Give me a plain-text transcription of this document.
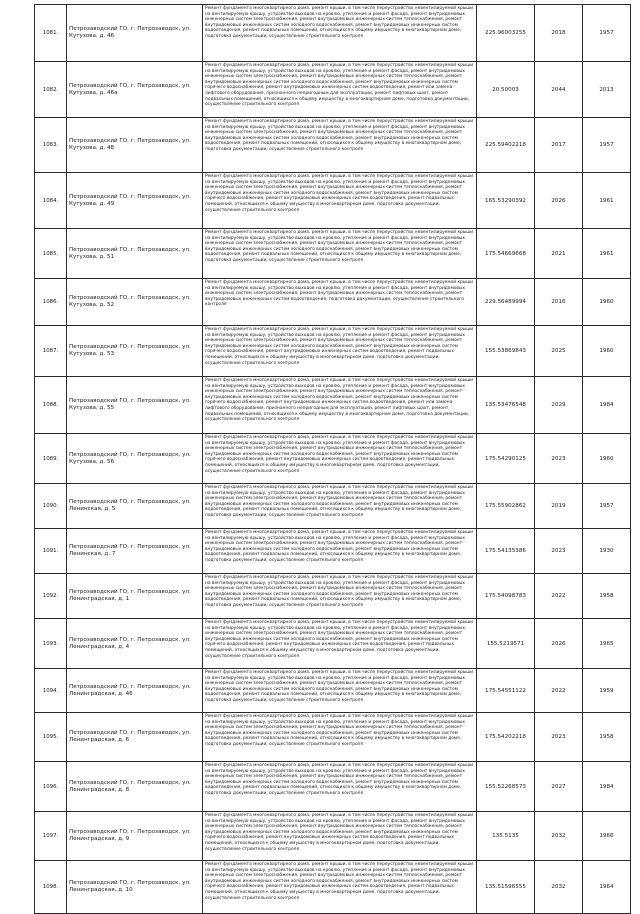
1081.	Петрозаводский ГО, г. Петрозаводск, ул. Кутузова, д. 46	Ремонт фундамента многоквартирного дома, ремонт крыши, в том числе переустройство невентилируемой крыши на вентилируемую крышу, устройство выходов на кровлю, утепление и ремонт фасада, ремонт внутридомовых инженерных систем электроснабжения, ремонт внутридомовых инженерных систем теплоснабжения, ремонт внутридомовых инженерных систем холодного водоснабжения, ремонт внутридомовых инженерных систем водоотведения, ремонт подвальных помещений, относящихся к общему имуществу в многоквартирном доме, подготовка документации, осуществление строительного контроля	225.96003255	2018	1957
1082.	Петрозаводский ГО, г. Петрозаводск, ул. Кутузова, д. 46а	Ремонт фундамента многоквартирного дома, ремонт крыши, в том числе переустройство невентилируемой крыши на вентилируемую крышу, устройство выходов на кровлю, утепление и ремонт фасада, ремонт внутридомовых инженерных систем электроснабжения, ремонт внутридомовых инженерных систем теплоснабжения, ремонт внутридомовых инженерных систем холодного водоснабжения, ремонт внутридомовых инженерных систем горячего водоснабжения, ремонт внутридомовых инженерных систем водоотведения, ремонт или замена лифтового оборудования, признанного непригодным для эксплуатации, ремонт лифтовых шахт, ремонт подвальных помещений, относящихся к общему имуществу в многоквартирном доме, подготовка документации, осуществление строительного контроля	20.50003	2044	2013
1083.	Петрозаводский ГО, г. Петрозаводск, ул. Кутузова, д. 48	Ремонт фундамента многоквартирного дома, ремонт крыши, в том числе переустройство невентилируемой крыши на вентилируемую крышу, устройство выходов на кровлю, утепление и ремонт фасада, ремонт внутридомовых инженерных систем электроснабжения, ремонт внутридомовых инженерных систем теплоснабжения, ремонт внутридомовых инженерных систем холодного водоснабжения, ремонт внутридомовых инженерных систем водоотведения, ремонт подвальных помещений, относящихся к общему имуществу в многоквартирном доме, подготовка документации, осуществление строительного контроля	225.59402218	2017	1957
1084.	Петрозаводский ГО, г. Петрозаводск, ул. Кутузова, д. 49	Ремонт фундамента многоквартирного дома, ремонт крыши, в том числе переустройство невентилируемой крыши на вентилируемую крышу, устройство выходов на кровлю, утепление и ремонт фасада, ремонт внутридомовых инженерных систем электроснабжения, ремонт внутридомовых инженерных систем теплоснабжения, ремонт внутридомовых инженерных систем холодного водоснабжения, ремонт внутридомовых инженерных систем горячего водоснабжения, ремонт внутридомовых инженерных систем водоотведения, ремонт подвальных помещений, относящихся к общему имуществу в многоквартирном доме, подготовка документации, осуществление строительного контроля	165.53290392	2026	1961
1085.	Петрозаводский ГО, г. Петрозаводск, ул. Кутузова, д. 51	Ремонт фундамента многоквартирного дома, ремонт крыши, в том числе переустройство невентилируемой крыши на вентилируемую крышу, устройство выходов на кровлю, утепление и ремонт фасада, ремонт внутридомовых инженерных систем электроснабжения, ремонт внутридомовых инженерных систем теплоснабжения, ремонт внутридомовых инженерных систем холодного водоснабжения, ремонт внутридомовых инженерных систем водоотведения, ремонт подвальных помещений, относящихся к общему имуществу в многоквартирном доме, подготовка документации, осуществление строительного контроля	175.54669668	2021	1961
1086.	Петрозаводский ГО, г. Петрозаводск, ул. Кутузова, д. 52	Ремонт фундамента многоквартирного дома, ремонт крыши, в том числе переустройство невентилируемой крыши на вентилируемую крышу, устройство выходов на кровлю, утепление и ремонт фасада, ремонт внутридомовых инженерных систем электроснабжения, ремонт внутридомовых инженерных систем теплоснабжения, ремонт внутридомовых инженерных систем водоотведения, подготовка документации, осуществление строительного контроля	229.56489994	2016	1960
1087.	Петрозаводский ГО, г. Петрозаводск, ул. Кутузова, д. 53	Ремонт фундамента многоквартирного дома, ремонт крыши, в том числе переустройство невентилируемой крыши на вентилируемую крышу, устройство выходов на кровлю, утепление и ремонт фасада, ремонт внутридомовых инженерных систем электроснабжения, ремонт внутридомовых инженерных систем теплоснабжения, ремонт внутридомовых инженерных систем холодного водоснабжения, ремонт внутридомовых инженерных систем горячего водоснабжения, ремонт внутридомовых инженерных систем водоотведения, ремонт подвальных помещений, относящихся к общему имуществу в многоквартирном доме, подготовка документации, осуществление строительного контроля	155.53869843	2025	1960
1088.	Петрозаводский ГО, г. Петрозаводск, ул. Кутузова, д. 55	Ремонт фундамента многоквартирного дома, ремонт крыши, в том числе переустройство невентилируемой крыши на вентилируемую крышу, устройство выходов на кровлю, утепление и ремонт фасада, ремонт внутридомовых инженерных систем электроснабжения, ремонт внутридомовых инженерных систем теплоснабжения, ремонт внутридомовых инженерных систем холодного водоснабжения, ремонт внутридомовых инженерных систем горячего водоснабжения, ремонт внутридомовых инженерных систем водоотведения, ремонт или замена лифтового оборудования, признанного непригодным для эксплуатации, ремонт лифтовых шахт, ремонт подвальных помещений, относящихся к общему имуществу в многоквартирном доме, подготовка документации, осуществление строительного контроля	135.53476548	2029	1984
1089.	Петрозаводский ГО, г. Петрозаводск, ул. Кутузова, д. 56	Ремонт фундамента многоквартирного дома, ремонт крыши, в том числе переустройство невентилируемой крыши на вентилируемую крышу, устройство выходов на кровлю, утепление и ремонт фасада, ремонт внутридомовых инженерных систем электроснабжения, ремонт внутридомовых инженерных систем теплоснабжения, ремонт внутридомовых инженерных систем холодного водоснабжения, ремонт внутридомовых инженерных систем горячего водоснабжения, ремонт внутридомовых инженерных систем водоотведения, ремонт подвальных помещений, относящихся к общему имуществу в многоквартирном доме, подготовка документации, осуществление строительного контроля	175.54290125	2023	1960
1090.	Петрозаводский ГО, г. Петрозаводск, ул. Ленинская, д. 5	Ремонт фундамента многоквартирного дома, ремонт крыши, в том числе переустройство невентилируемой крыши на вентилируемую крышу, устройство выходов на кровлю, утепление и ремонт фасада, ремонт внутридомовых инженерных систем электроснабжения, ремонт внутридомовых инженерных систем теплоснабжения, ремонт внутридомовых инженерных систем холодного водоснабжения, ремонт внутридомовых инженерных систем водоотведения, ремонт подвальных помещений, относящихся к общему имуществу в многоквартирном доме, подготовка документации, осуществление строительного контроля	175.55902862	2019	1957
1091.	Петрозаводский ГО, г. Петрозаводск, ул. Ленинская, д. 7	Ремонт фундамента многоквартирного дома, ремонт крыши, в том числе переустройство невентилируемой крыши на вентилируемую крышу, устройство выходов на кровлю, утепление и ремонт фасада, ремонт внутридомовых инженерных систем электроснабжения, ремонт внутридомовых инженерных систем теплоснабжения, ремонт внутридомовых инженерных систем холодного водоснабжения, ремонт внутридомовых инженерных систем водоотведения, ремонт подвальных помещений, относящихся к общему имуществу в многоквартирном доме, подготовка документации, осуществление строительного контроля	175.54135386	2023	1930
1092.	Петрозаводский ГО, г. Петрозаводск, ул. Ленинградская, д. 1	Ремонт фундамента многоквартирного дома, ремонт крыши, в том числе переустройство невентилируемой крыши на вентилируемую крышу, устройство выходов на кровлю, утепление и ремонт фасада, ремонт внутридомовых инженерных систем электроснабжения, ремонт внутридомовых инженерных систем теплоснабжения, ремонт внутридомовых инженерных систем холодного водоснабжения, ремонт внутридомовых инженерных систем водоотведения, ремонт подвальных помещений, относящихся к общему имуществу в многоквартирном доме, подготовка документации, осуществление строительного контроля	175.54098783	2022	1958
1093.	Петрозаводский ГО, г. Петрозаводск, ул. Ленинградская, д. 4	Ремонт фундамента многоквартирного дома, ремонт крыши, в том числе переустройство невентилируемой крыши на вентилируемую крышу, устройство выходов на кровлю, утепление и ремонт фасада, ремонт внутридомовых инженерных систем электроснабжения, ремонт внутридомовых инженерных систем теплоснабжения, ремонт внутридомовых инженерных систем холодного водоснабжения, ремонт внутридомовых инженерных систем горячего водоснабжения, ремонт внутридомовых инженерных систем водоотведения, ремонт подвальных помещений, относящихся к общему имуществу в многоквартирном доме, подготовка документации, осуществление строительного контроля	155.5219571	2026	1965
1094.	Петрозаводский ГО, г. Петрозаводск, ул. Ленинградская, д. 46	Ремонт фундамента многоквартирного дома, ремонт крыши, в том числе переустройство невентилируемой крыши на вентилируемую крышу, устройство выходов на кровлю, утепление и ремонт фасада, ремонт внутридомовых инженерных систем электроснабжения, ремонт внутридомовых инженерных систем теплоснабжения, ремонт внутридомовых инженерных систем холодного водоснабжения, ремонт внутридомовых инженерных систем водоотведения, ремонт подвальных помещений, относящихся к общему имуществу в многоквартирном доме, подготовка документации, осуществление строительного контроля	175.54551122	2022	1959
1095.	Петрозаводский ГО, г. Петрозаводск, ул. Ленинградская, д. 6	Ремонт фундамента многоквартирного дома, ремонт крыши, в том числе переустройство невентилируемой крыши на вентилируемую крышу, устройство выходов на кровлю, утепление и ремонт фасада, ремонт внутридомовых инженерных систем электроснабжения, ремонт внутридомовых инженерных систем теплоснабжения, ремонт внутридомовых инженерных систем холодного водоснабжения, ремонт внутридомовых инженерных систем водоотведения, ремонт подвальных помещений, относящихся к общему имуществу в многоквартирном доме, подготовка документации, осуществление строительного контроля	175.54202218	2023	1958
1096.	Петрозаводский ГО, г. Петрозаводск, ул. Ленинградская, д. 8	Ремонт фундамента многоквартирного дома, ремонт крыши, в том числе переустройство невентилируемой крыши на вентилируемую крышу, устройство выходов на кровлю, утепление и ремонт фасада, ремонт внутридомовых инженерных систем электроснабжения, ремонт внутридомовых инженерных систем теплоснабжения, ремонт внутридомовых инженерных систем холодного водоснабжения, ремонт внутридомовых инженерных систем водоотведения, ремонт подвальных помещений, относящихся к общему имуществу в многоквартирном доме, подготовка документации, осуществление строительного контроля	155.52268573	2027	1984
1097.	Петрозаводский ГО, г. Петрозаводск, ул. Ленинградская, д. 9	Ремонт фундамента многоквартирного дома, ремонт крыши, в том числе переустройство невентилируемой крыши на вентилируемую крышу, устройство выходов на кровлю, утепление и ремонт фасада, ремонт внутридомовых инженерных систем электроснабжения, ремонт внутридомовых инженерных систем теплоснабжения, ремонт внутридомовых инженерных систем холодного водоснабжения, ремонт внутридомовых инженерных систем горячего водоснабжения, ремонт внутридомовых инженерных систем водоотведения, ремонт подвальных помещений, относящихся к общему имуществу в многоквартирном доме, подготовка документации, осуществление строительного контроля	135.5135	2032	1966
1098.	Петрозаводский ГО, г. Петрозаводск, ул. Ленинградская, д. 10	Ремонт фундамента многоквартирного дома, ремонт крыши, в том числе переустройство невентилируемой крыши на вентилируемую крышу, устройство выходов на кровлю, утепление и ремонт фасада, ремонт внутридомовых инженерных систем электроснабжения, ремонт внутридомовых инженерных систем теплоснабжения, ремонт внутридомовых инженерных систем холодного водоснабжения, ремонт внутридомовых инженерных систем горячего водоснабжения, ремонт внутридомовых инженерных систем водоотведения, ремонт подвальных помещений, относящихся к общему имуществу в многоквартирном доме, подготовка документации, осуществление строительного контроля	135.51596555	2032	1964
